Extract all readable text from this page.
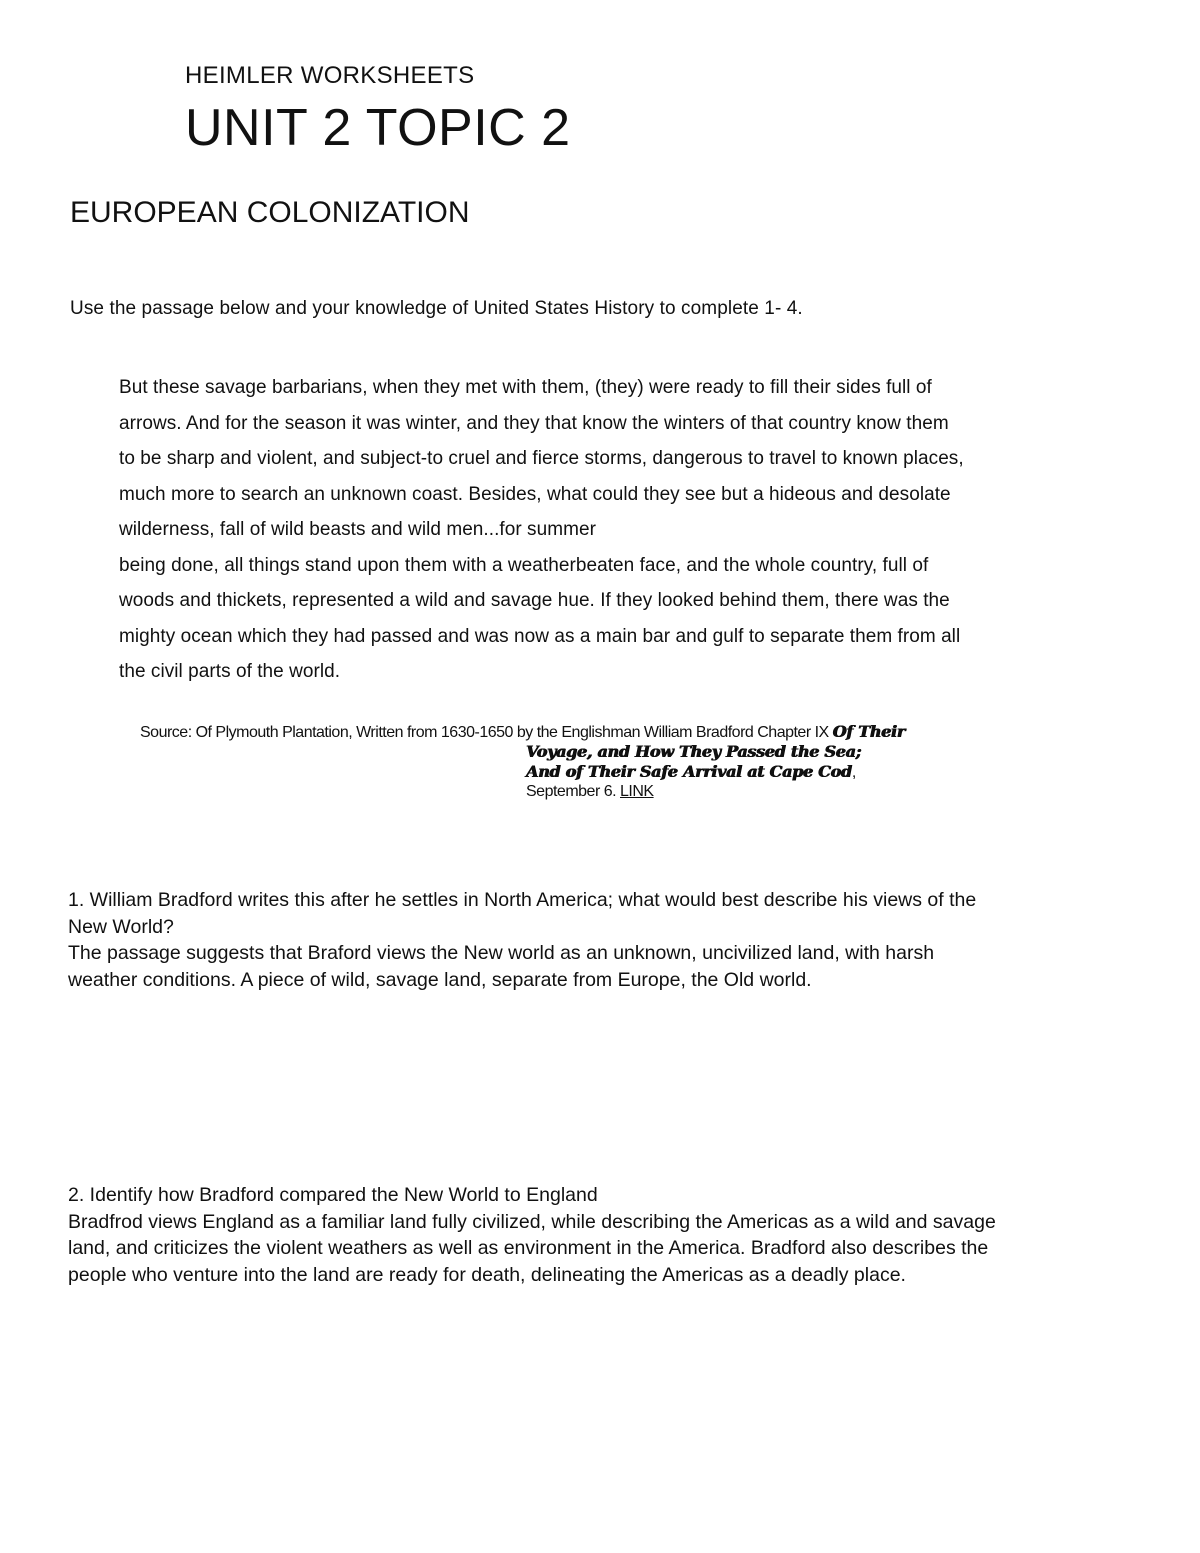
HEIMLER WORKSHEETS
UNIT 2 TOPIC 2
EUROPEAN COLONIZATION
Use the passage below and your knowledge of United States History to complete 1- 4.
But these savage barbarians, when they met with them, (they) were ready to fill their sides full of
arrows. And for the season it was winter, and they that know the winters of that country know them
to be sharp and violent, and subject-to cruel and fierce storms, dangerous to travel to known places,
much more to search an unknown coast. Besides, what could they see but a hideous and desolate
wilderness, fall of wild beasts and wild men...for summer
being done, all things stand upon them with a weatherbeaten face, and the whole country, full of
woods and thickets, represented a wild and savage hue. If they looked behind them, there was the
mighty ocean which they had passed and was now as a main bar and gulf to separate them from all
the civil parts of the world.
Source: Of Plymouth Plantation, Written from 1630-1650 by the Englishman William Bradford Chapter IX Of Their
Voyage, and How They Passed the Sea;
And of Their Safe Arrival at Cape Cod,
September 6. LINK
1. William Bradford writes this after he settles in North America; what would best describe his views of the
New World?
The passage suggests that Braford views the New world as an unknown, uncivilized land, with harsh
weather conditions. A piece of wild, savage land, separate from Europe, the Old world.
2. Identify how Bradford compared the New World to England
Bradfrod views England as a familiar land fully civilized, while describing the Americas as a wild and savage
land, and criticizes the violent weathers as well as environment in the America. Bradford also describes the
people who venture into the land are ready for death, delineating the Americas as a deadly place.
